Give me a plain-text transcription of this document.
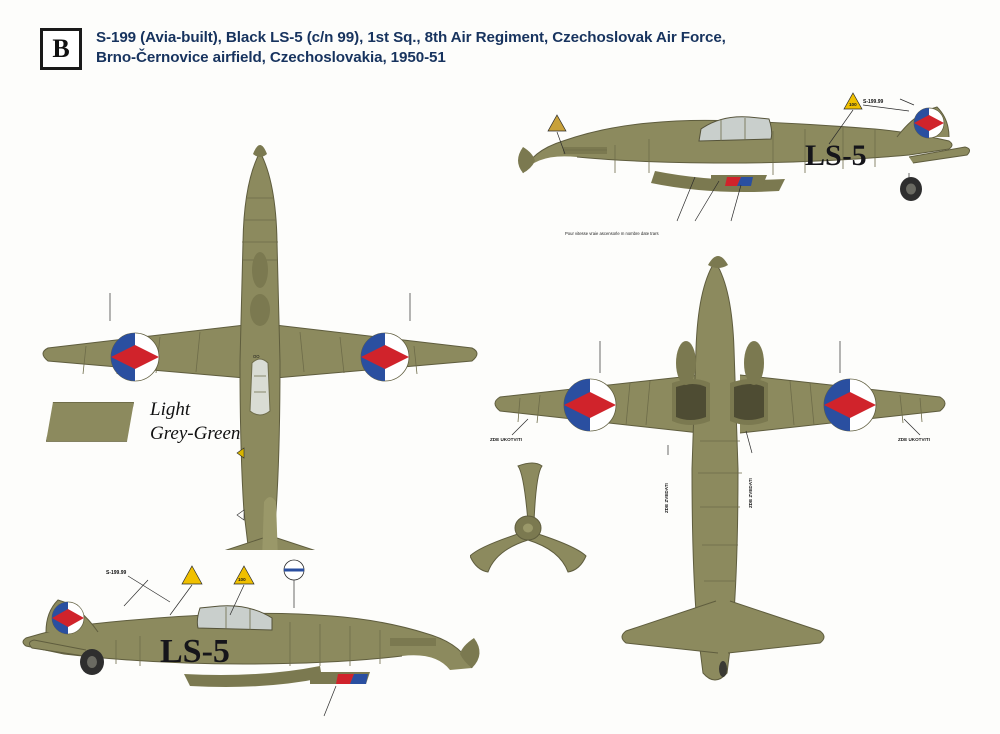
B S-199 (Avia-built), Black LS-5 (c/n 99), 1st Sq., 8th Air Regiment, Czechoslovak Air Force,
Brno-Černovice airfield, Czechoslovakia, 1950-51
Light
Grey-Green
OO
LS-5
100 S-199.99
Pour vitesse vraie ascensorle m nombre date trars
ZDE UKOTVITI	ZDE UKOTVITI
ZDE ZVEDATI	ZDE ZVEDATI
LS-5
S-199.99
100
